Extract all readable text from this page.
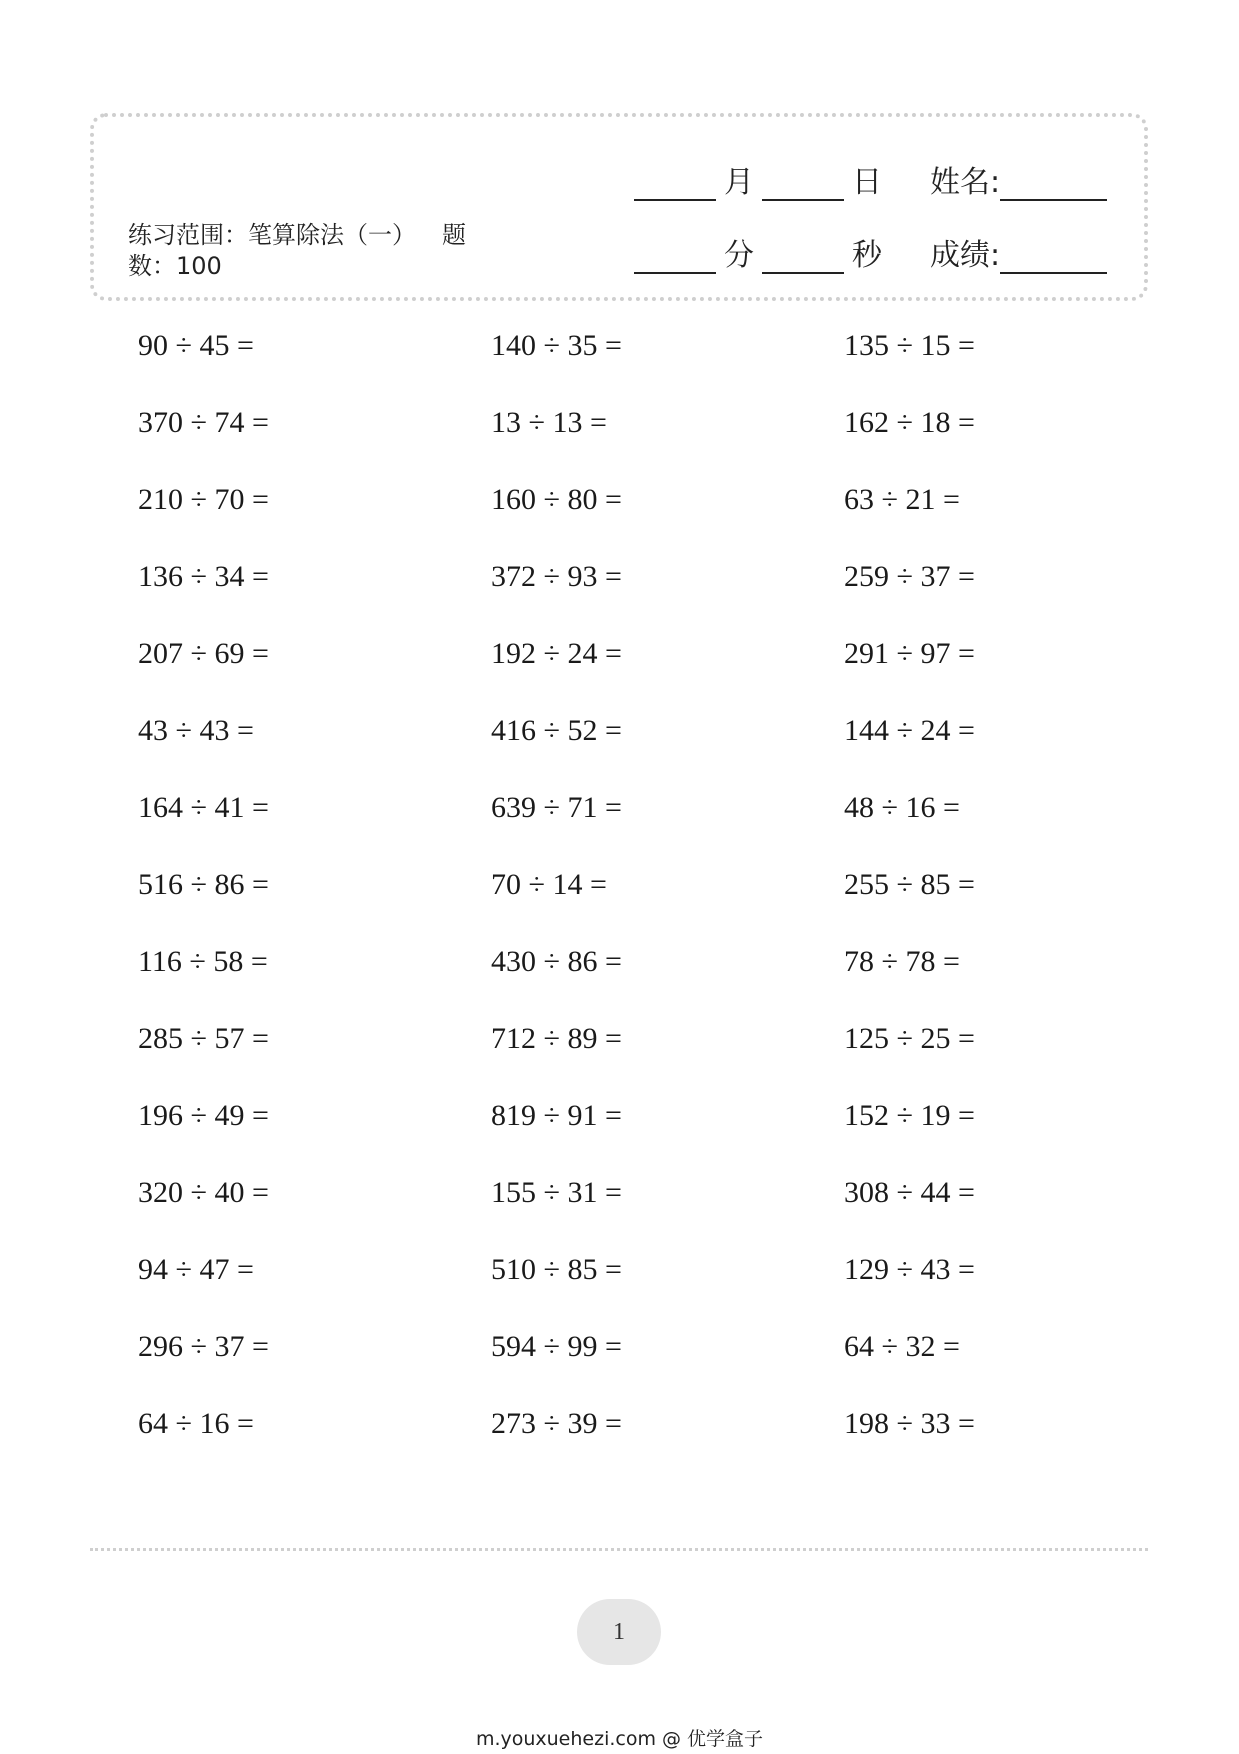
练习范围：笔算除法（一） 题
数：100
月	日 姓名:
分	秒 成绩:
90 ÷ 45 =	140 ÷ 35 =	135 ÷ 15 =
370 ÷ 74 =	13 ÷ 13 =	162 ÷ 18 =
210 ÷ 70 =	160 ÷ 80 =	63 ÷ 21 =
136 ÷ 34 =	372 ÷ 93 =	259 ÷ 37 =
207 ÷ 69 =	192 ÷ 24 =	291 ÷ 97 =
43 ÷ 43 =	416 ÷ 52 =	144 ÷ 24 =
164 ÷ 41 =	639 ÷ 71 =	48 ÷ 16 =
516 ÷ 86 =	70 ÷ 14 =	255 ÷ 85 =
116 ÷ 58 =	430 ÷ 86 =	78 ÷ 78 =
285 ÷ 57 =	712 ÷ 89 =	125 ÷ 25 =
196 ÷ 49 =	819 ÷ 91 =	152 ÷ 19 =
320 ÷ 40 =	155 ÷ 31 =	308 ÷ 44 =
94 ÷ 47 =	510 ÷ 85 =	129 ÷ 43 =
296 ÷ 37 =	594 ÷ 99 =	64 ÷ 32 =
64 ÷ 16 =	273 ÷ 39 =	198 ÷ 33 =
1
m.youxuehezi.com @ 优学盒子
